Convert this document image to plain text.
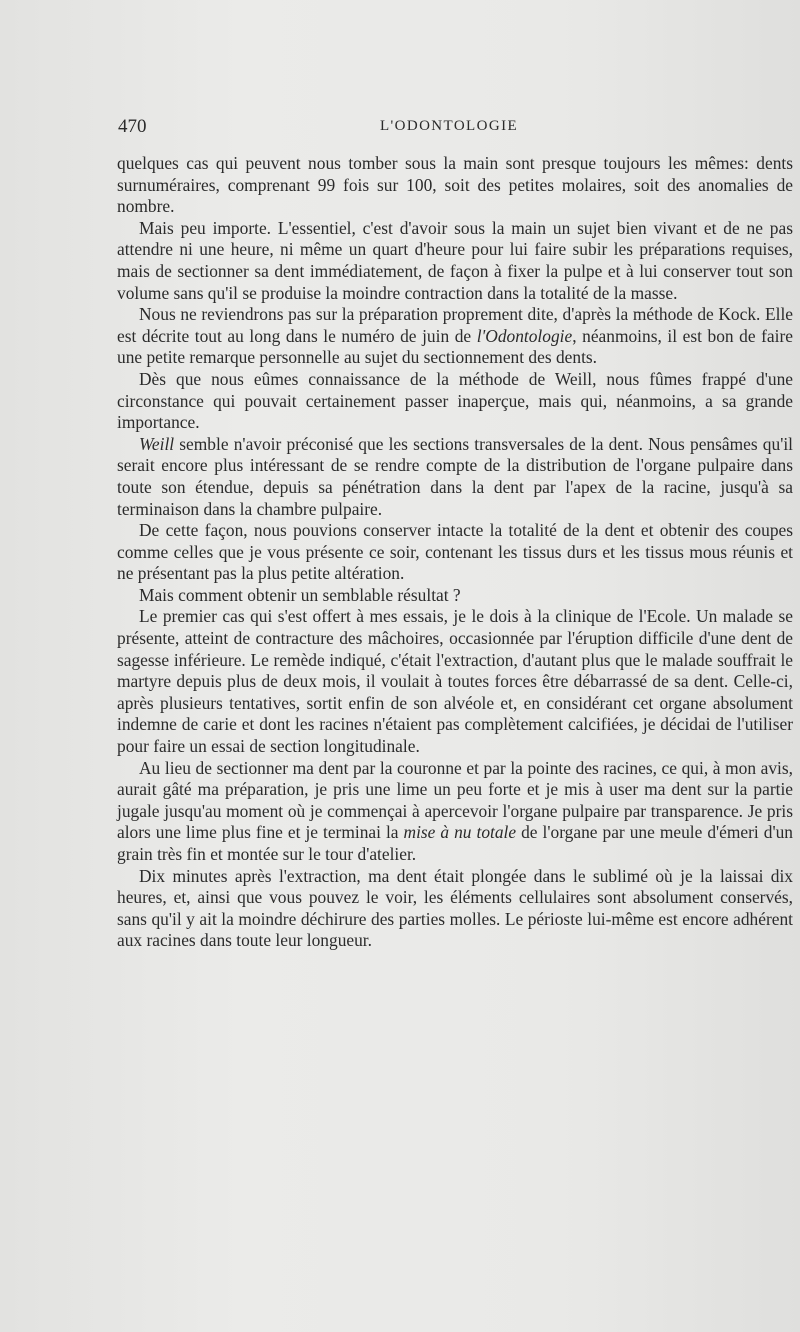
470	L'ODONTOLOGIE

quelques cas qui peuvent nous tomber sous la main sont presque toujours les mêmes: dents surnuméraires, comprenant 99 fois sur 100, soit des petites molaires, soit des anomalies de nombre.

Mais peu importe. L'essentiel, c'est d'avoir sous la main un sujet bien vivant et de ne pas attendre ni une heure, ni même un quart d'heure pour lui faire subir les préparations requises, mais de sectionner sa dent immédiatement, de façon à fixer la pulpe et à lui conserver tout son volume sans qu'il se produise la moindre contraction dans la totalité de la masse.

Nous ne reviendrons pas sur la préparation proprement dite, d'après la méthode de Kock. Elle est décrite tout au long dans le numéro de juin de l'Odontologie, néanmoins, il est bon de faire une petite remarque personnelle au sujet du sectionnement des dents.

Dès que nous eûmes connaissance de la méthode de Weill, nous fûmes frappé d'une circonstance qui pouvait certainement passer inaperçue, mais qui, néanmoins, a sa grande importance.

Weill semble n'avoir préconisé que les sections transversales de la dent. Nous pensâmes qu'il serait encore plus intéressant de se rendre compte de la distribution de l'organe pulpaire dans toute son étendue, depuis sa pénétration dans la dent par l'apex de la racine, jusqu'à sa terminaison dans la chambre pulpaire.

De cette façon, nous pouvions conserver intacte la totalité de la dent et obtenir des coupes comme celles que je vous présente ce soir, contenant les tissus durs et les tissus mous réunis et ne présentant pas la plus petite altération.

Mais comment obtenir un semblable résultat ?

Le premier cas qui s'est offert à mes essais, je le dois à la clinique de l'Ecole. Un malade se présente, atteint de contracture des mâchoires, occasionnée par l'éruption difficile d'une dent de sagesse inférieure. Le remède indiqué, c'était l'extraction, d'autant plus que le malade souffrait le martyre depuis plus de deux mois, il voulait à toutes forces être débarrassé de sa dent. Celle-ci, après plusieurs tentatives, sortit enfin de son alvéole et, en considérant cet organe absolument indemne de carie et dont les racines n'étaient pas complètement calcifiées, je décidai de l'utiliser pour faire un essai de section longitudinale.

Au lieu de sectionner ma dent par la couronne et par la pointe des racines, ce qui, à mon avis, aurait gâté ma préparation, je pris une lime un peu forte et je mis à user ma dent sur la partie jugale jusqu'au moment où je commençai à apercevoir l'organe pulpaire par transparence. Je pris alors une lime plus fine et je terminai la mise à nu totale de l'organe par une meule d'émeri d'un grain très fin et montée sur le tour d'atelier.

Dix minutes après l'extraction, ma dent était plongée dans le sublimé où je la laissai dix heures, et, ainsi que vous pouvez le voir, les éléments cellulaires sont absolument conservés, sans qu'il y ait la moindre déchirure des parties molles. Le périoste lui-même est encore adhérent aux racines dans toute leur longueur.
